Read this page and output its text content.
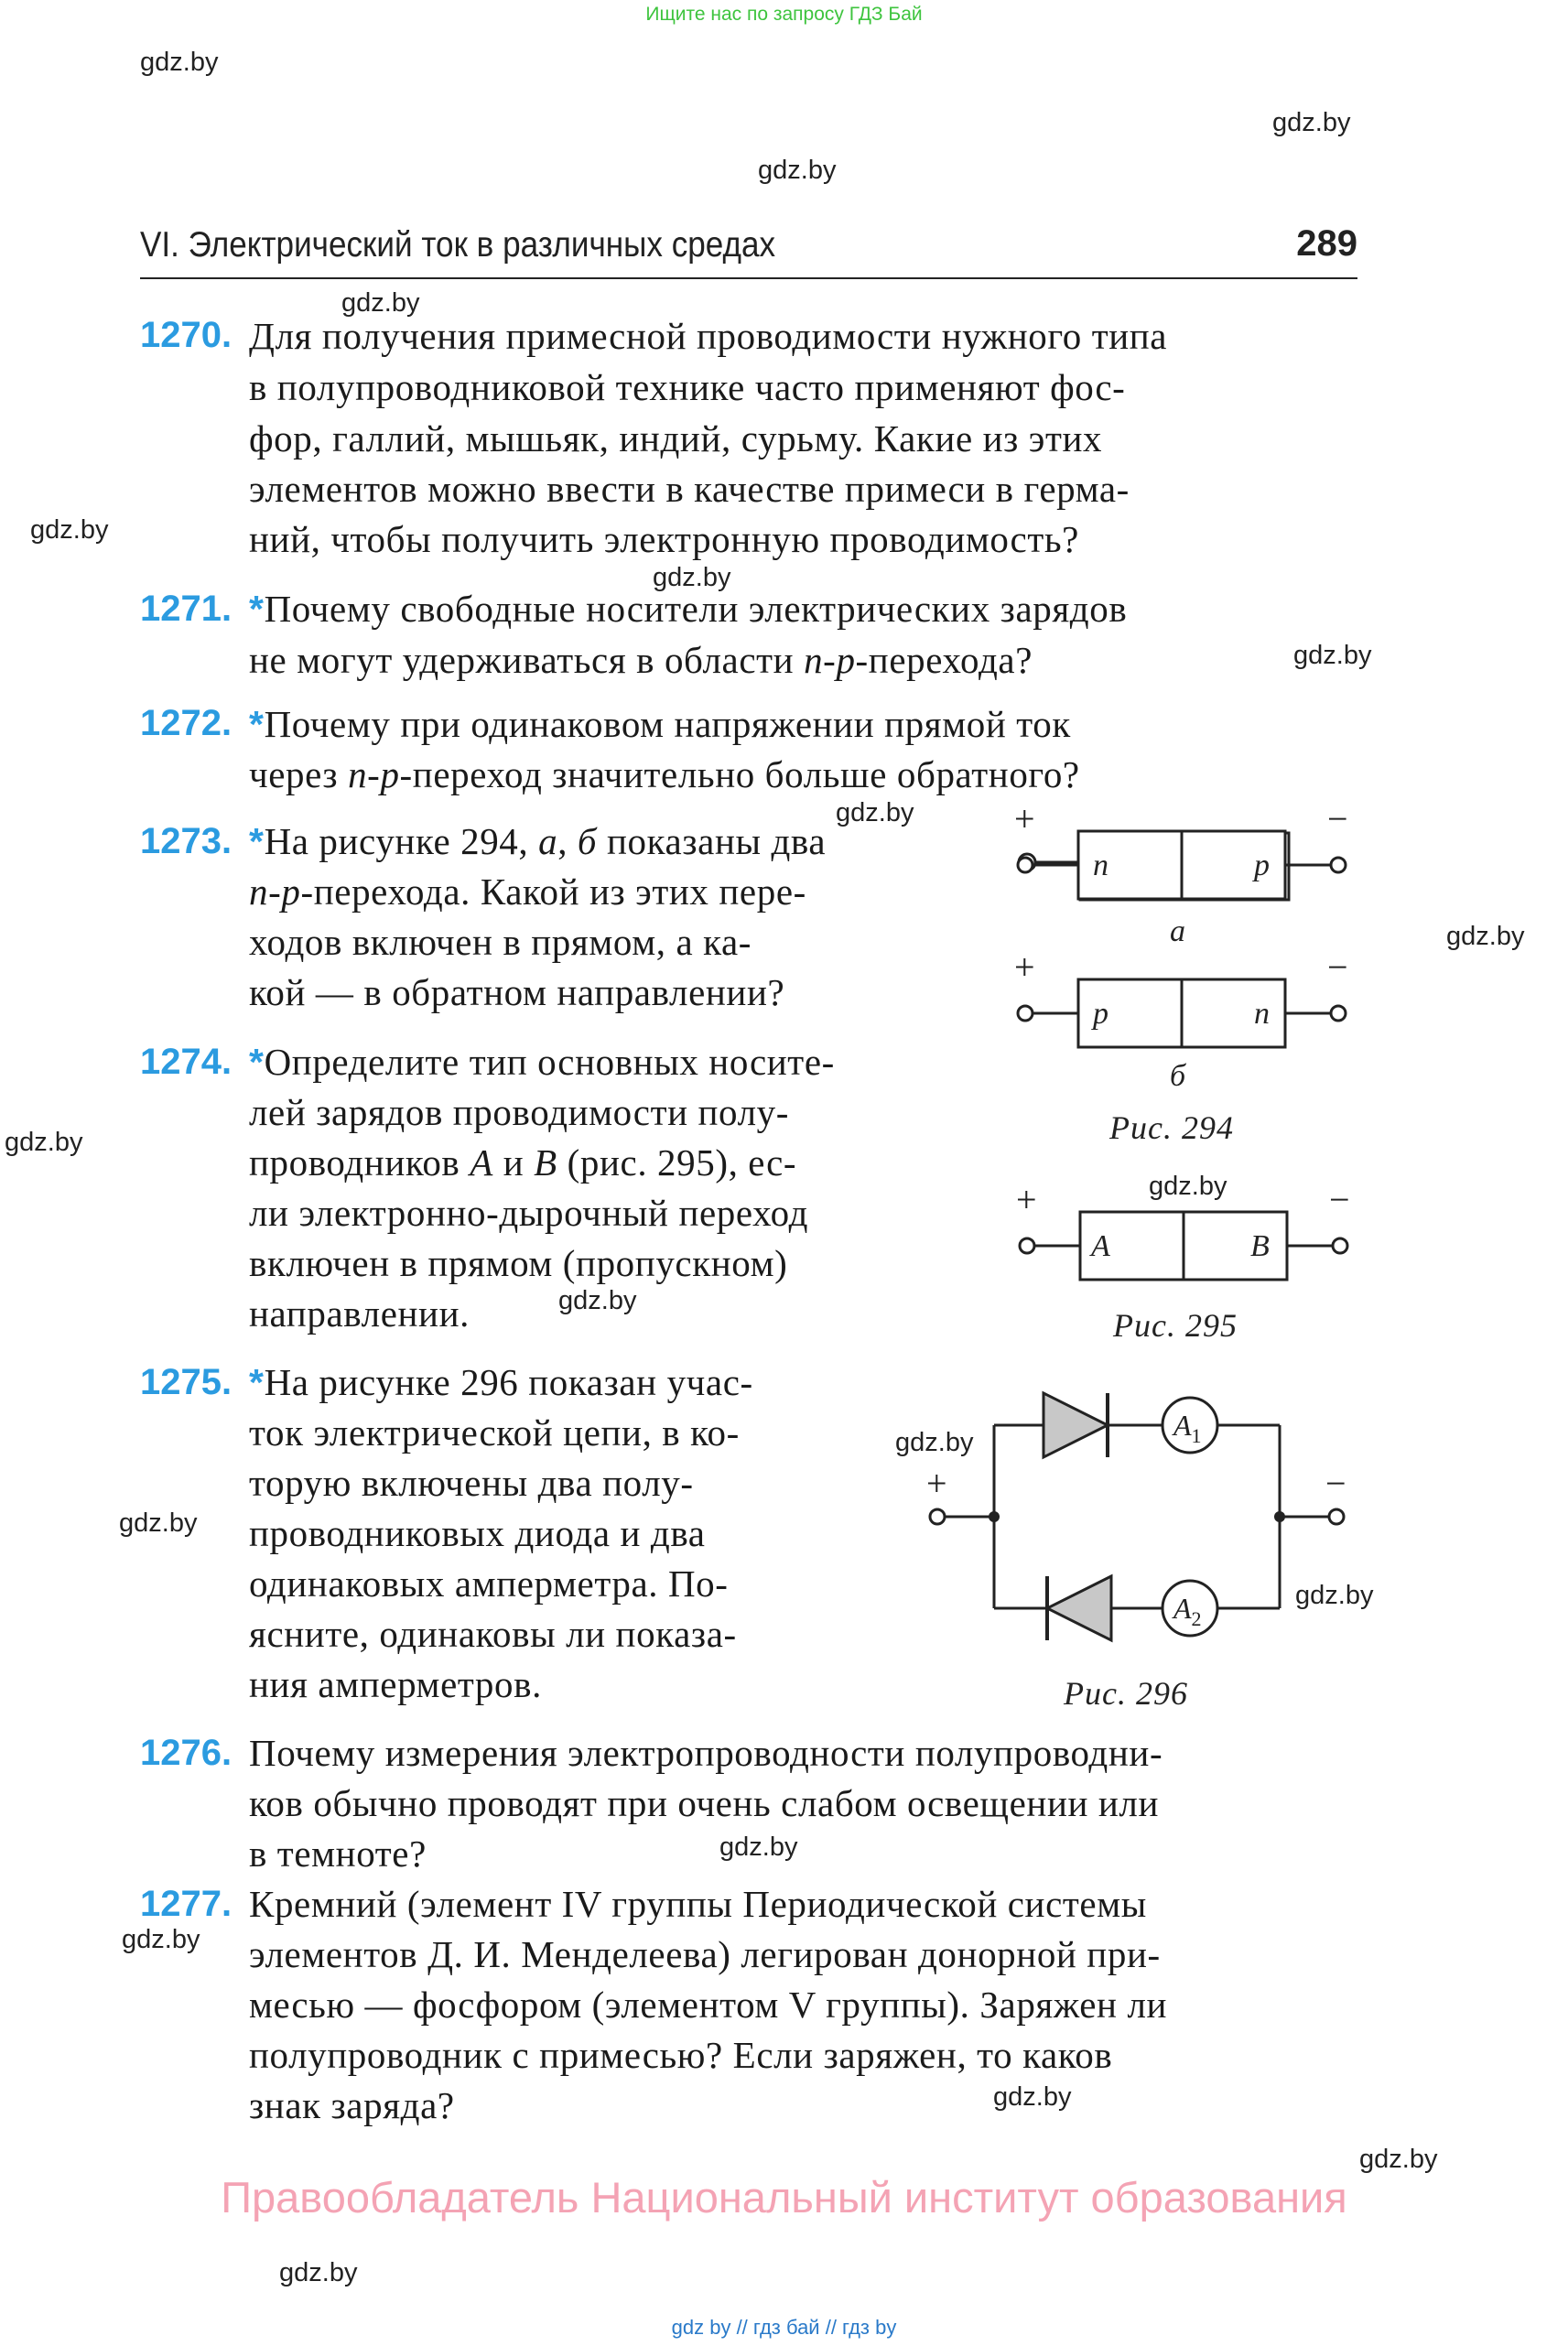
Ищите нас по запросу ГДЗ Бай
gdz.by
gdz.by
gdz.by
gdz.by
gdz.by
gdz.by
gdz.by
gdz.by
gdz.by
gdz.by
gdz.by
gdz.by
gdz.by
gdz.by
gdz.by
gdz.by
gdz.by
gdz.by
gdz.by
gdz.by
VI. Электрический ток в различных средах	289
1270. Для получения примесной проводимости нужного типа
в полупроводниковой технике часто применяют фос-
фор, галлий, мышьяк, индий, сурьму. Какие из этих
элементов можно ввести в качестве примеси в герма-
ний, чтобы получить электронную проводимость?
1271. *Почему свободные носители электрических зарядов
не могут удерживаться в области n-p-перехода?
1272. *Почему при одинаковом напряжении прямой ток
через n-p-переход значительно больше обратного?
1273. *На рисунке 294, а, б показаны два
n-p-перехода. Какой из этих пере-
ходов включен в прямом, а ка-
кой — в обратном направлении?
1274. *Определите тип основных носите-
лей зарядов проводимости полу-
проводников A и B (рис. 295), ес-
ли электронно-дырочный переход
включен в прямом (пропускном)
направлении.
1275. *На рисунке 296 показан учас-
ток электрической цепи, в ко-
торую включены два полу-
проводниковых диода и два
одинаковых амперметра. По-
ясните, одинаковы ли показа-
ния амперметров.
1276. Почему измерения электропроводности полупроводни-
ков обычно проводят при очень слабом освещении или
в темноте?
1277. Кремний (элемент IV группы Периодической системы
элементов Д. И. Менделеева) легирован донорной при-
месью — фосфором (элементом V группы). Заряжен ли
полупроводник с примесью? Если заряжен, то каков
знак заряда?
+	−
n	p
а
+	−
p	n
б
Рис. 294
+	−
A	B
Рис. 295
$A_1$
$A_2$
+	−
Рис. 296
Правообладатель Национальный институт образования
gdz by // гдз бай // гдз by
